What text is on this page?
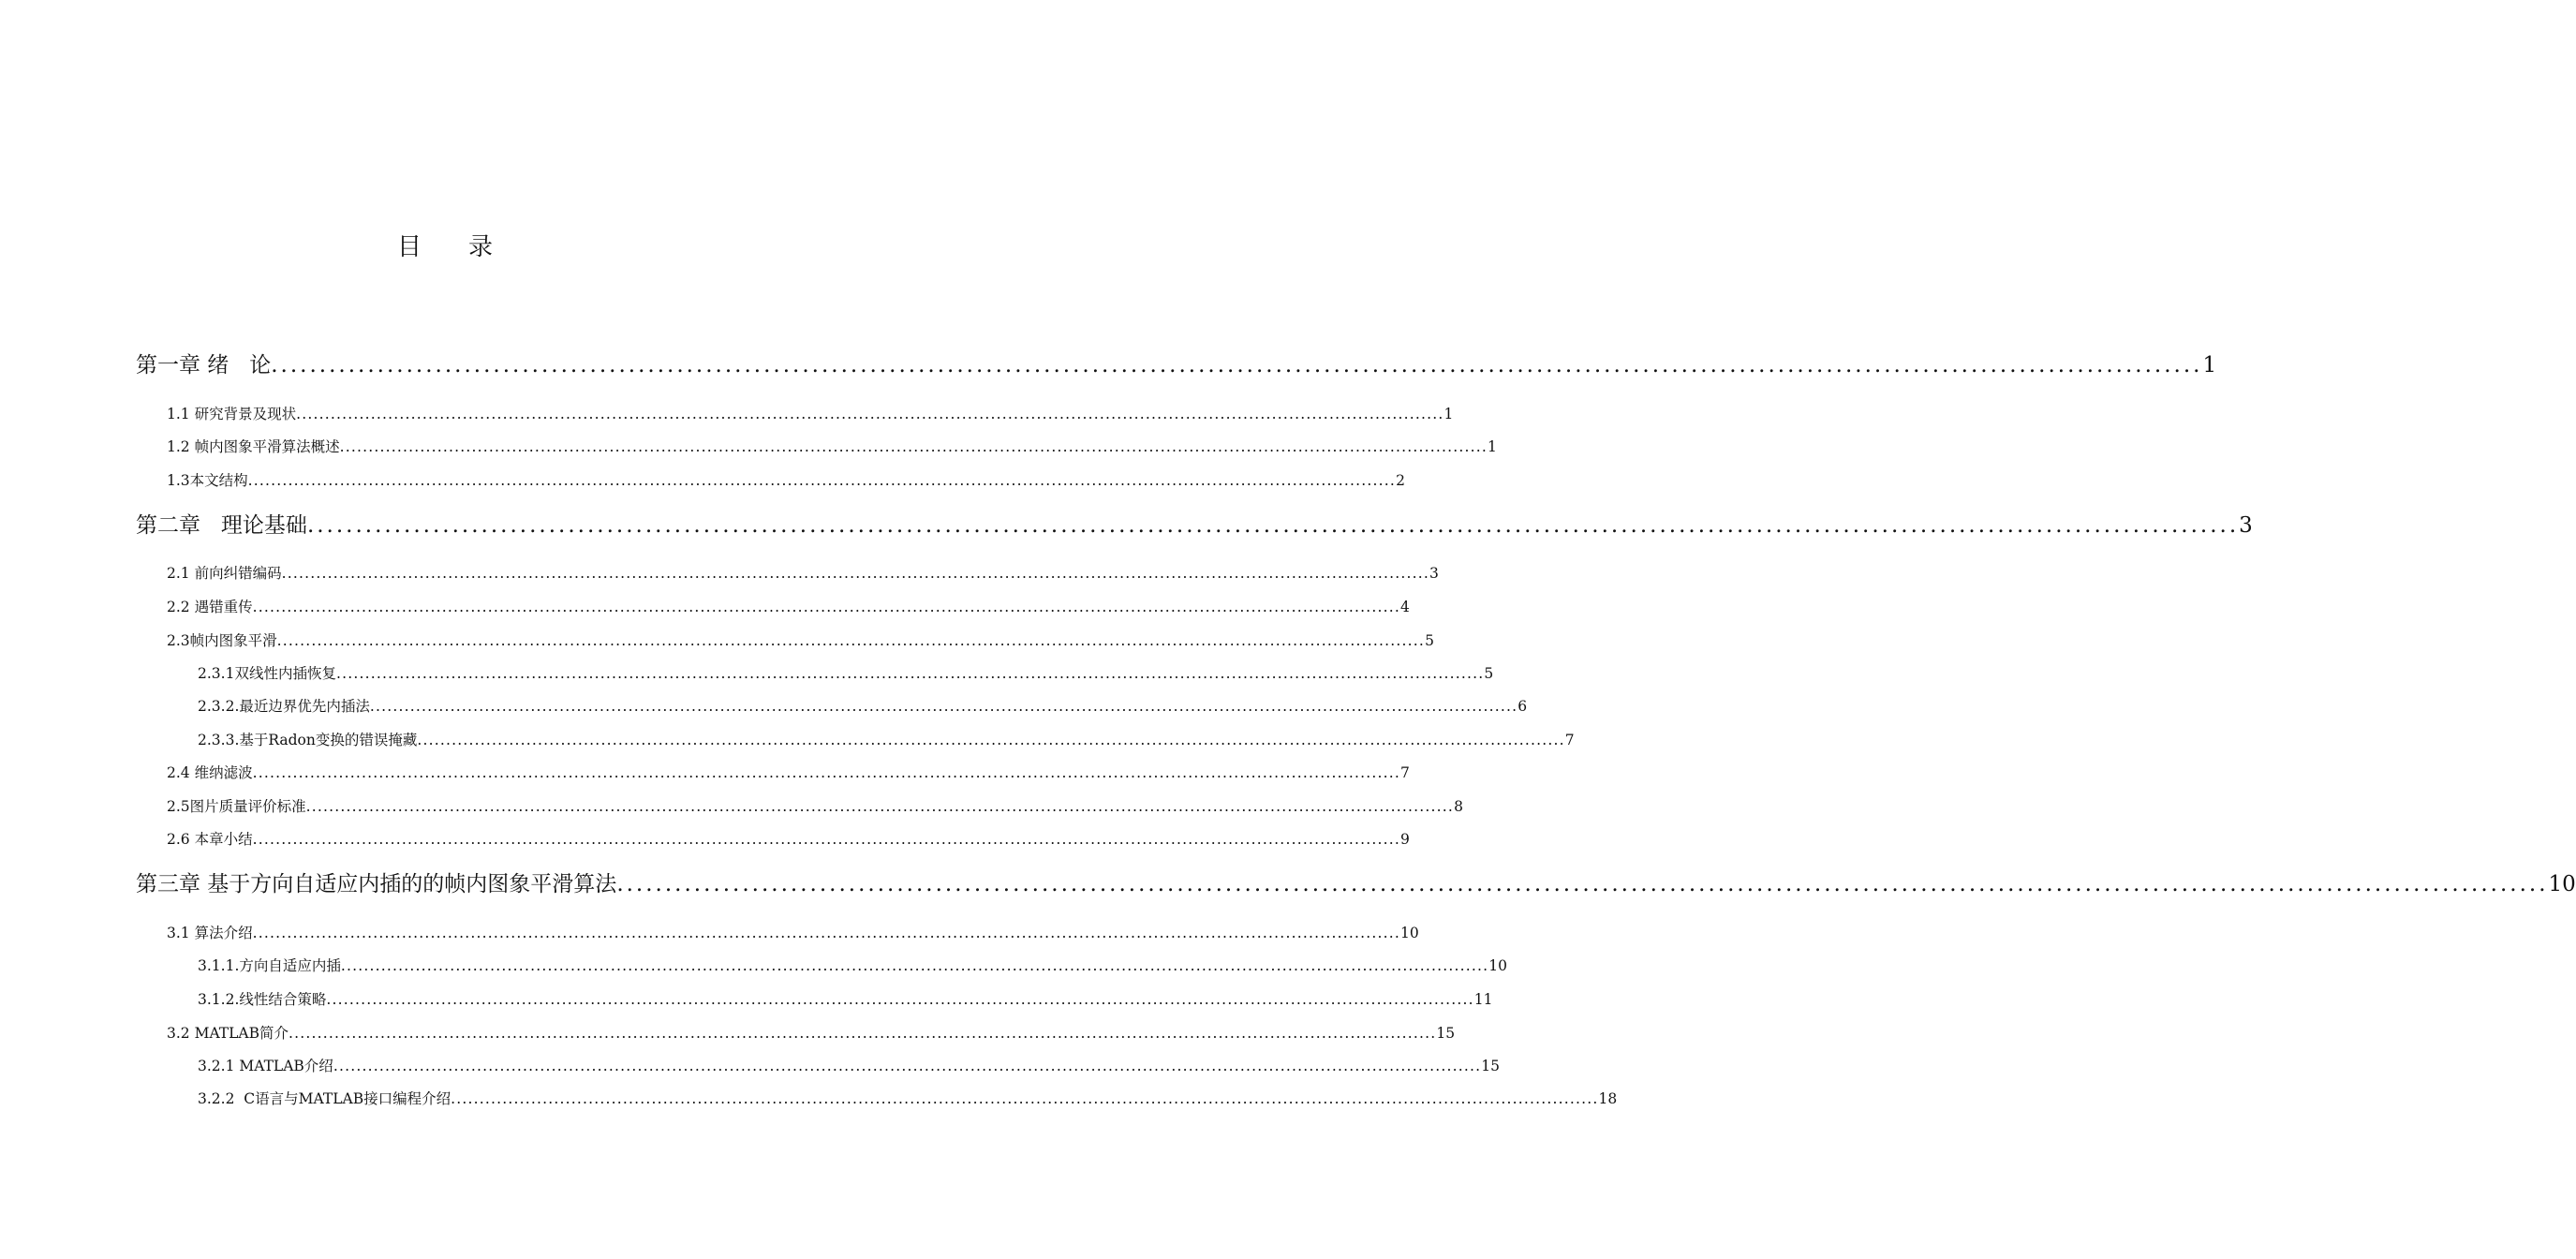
目录
第一章 绪   论 ........................................................................................................................................................................................................ 1
1.1 研究背景及现状 ........................................................................................................................................................................................................ 1
1.2 帧内图象平滑算法概述 ........................................................................................................................................................................................................ 1
1.3本文结构 ........................................................................................................................................................................................................ 2
第二章   理论基础 ........................................................................................................................................................................................................ 3
2.1 前向纠错编码 ........................................................................................................................................................................................................ 3
2.2 遇错重传 ........................................................................................................................................................................................................ 4
2.3帧内图象平滑 ........................................................................................................................................................................................................ 5
2.3.1双线性内插恢复 ........................................................................................................................................................................................................ 5
2.3.2.最近边界优先内插法 ........................................................................................................................................................................................................ 6
2.3.3.基于Radon变换的错误掩藏 ........................................................................................................................................................................................................ 7
2.4 维纳滤波 ........................................................................................................................................................................................................ 7
2.5图片质量评价标准 ........................................................................................................................................................................................................ 8
2.6 本章小结 ........................................................................................................................................................................................................ 9
第三章 基于方向自适应内插的的帧内图象平滑算法 ........................................................................................................................................................................................................ 10
3.1 算法介绍 ........................................................................................................................................................................................................ 10
3.1.1.方向自适应内插 ........................................................................................................................................................................................................ 10
3.1.2.线性结合策略 ........................................................................................................................................................................................................ 11
3.2 MATLAB简介 ........................................................................................................................................................................................................ 15
3.2.1 MATLAB介绍 ........................................................................................................................................................................................................ 15
3.2.2  C语言与MATLAB接口编程介绍 ........................................................................................................................................................................................................ 18
